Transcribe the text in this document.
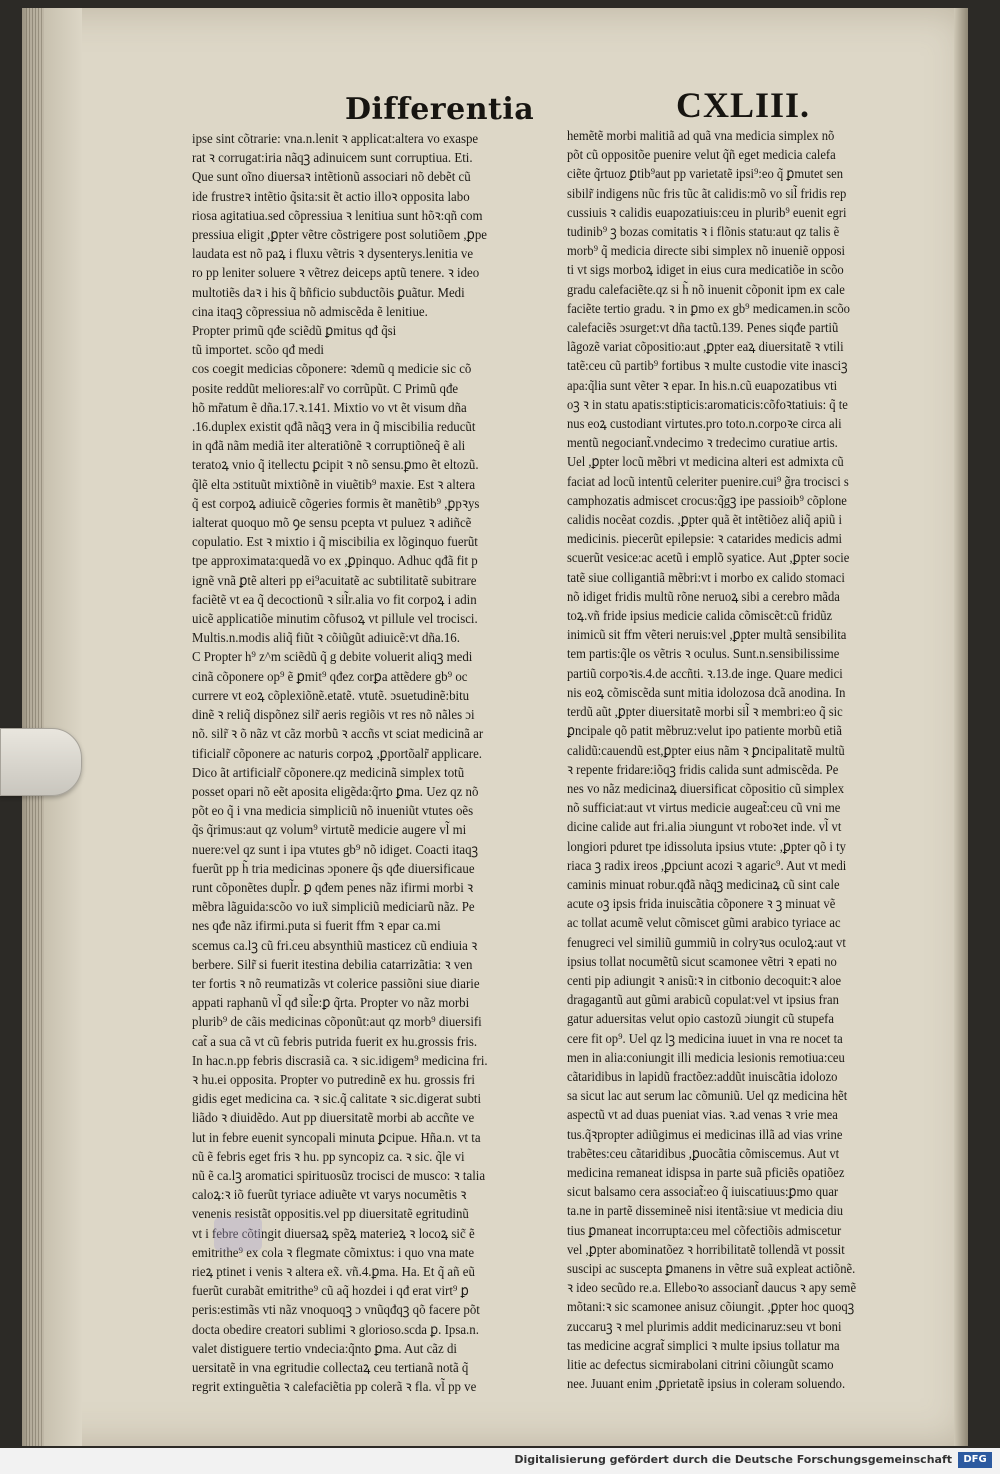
Differentia	CXLIII.
ipse sint cõtrarie: vna.n.lenit ꝛ applicat:altera vo exaspe
rat ꝛ corrugat:iria nãqꝫ adinuicem sunt corruptiua. Eti.
Que sunt oĩno diuersaꝛ intẽtionũ associari nõ debẽt cũ
ide frustreꝛ intẽtio q̃sita:sit ẽt actio illoꝛ opposita labo
riosa agitatiua.sed cõpressiua ꝛ lenitiua sunt hõꝛ:qñ com
pressiua eligit ,ꝑpter vẽtre cõstrigere post solutiõem ,ꝑpe
laudata est nõ paꝝ i fluxu vẽtris ꝛ dysenterys.lenitia ve
ro pp leniter soluere ꝛ vẽtrez deiceps aptũ tenere. ꝛ ideo
multotiẽs daꝛ i his q̃ bñficio subductõis ꝑuãtur. Medi
cina itaqꝫ cõpressiua nõ admiscẽda ẽ lenitiue.
Propter primũ qđe sciẽdũ ꝑmitus qđ q̃si
tũ importet. scõo qđ medi
cos coegit medicias cõponere: ꝛdemũ q medicie sic cõ
posite reddũt meliores:alr̃ vo corrũpũt. C Primũ qđe
hõ mr̃atum ẽ dña.17.ꝛ.141. Mixtio vo vt ẽt visum dña
.16.duplex existit qđã nãqꝫ vera in q̃ miscibilia reducũt
in qđã nãm mediã iter alteratiõnẽ ꝛ corruptiõneq̃ ẽ ali
teratoꝝ vnio q̃ itellectu ꝑcipit ꝛ nõ sensu.ꝑmo ẽt eltozũ.
q̃lẽ elta ɔstituũt mixtiõnẽ in viuẽtib⁹ maxie. Est ꝛ altera
q̃ est corpoꝝ adiuicẽ cõgeries formis ẽt manẽtib⁹ ,ꝑpꝛys
ialterat quoquo mõ ꝯe sensu pcepta vt puluez ꝛ adiñcẽ
copulatio. Est ꝛ mixtio i q̃ miscibilia ex lõginquo fuerũt
tpe approximata:quedã vo ex ,ꝑpinquo. Adhuc qđã fit p
ignẽ vnã ꝑtẽ alteri pp ei⁹acuitatẽ ac subtilitatẽ subitrare
faciẽtẽ vt ea q̃ decoctionũ ꝛ sil̃r.alia vo fit corpoꝝ i adin
uicẽ applicatiõe minutim cõfusoꝝ vt pillule vel trocisci.
Multis.n.modis aliq̃ fiũt ꝛ cõiũgũt adiuicẽ:vt dña.16.
C Propter h⁹ z^m sciẽdũ q̃ g debite voluerit aliqꝫ medi
cinã cõponere op⁹ ẽ ꝑmit⁹ qđez corꝑa attẽdere gb⁹ oc
currere vt eoꝝ cõplexiõnẽ.etatẽ. vtutẽ. ɔsuetudinẽ:bitu
dinẽ ꝛ reliq̃ dispõnez silr̃ aeris regiõis vt res nõ nãles ɔi
nõ. silr̃ ꝛ õ nãz vt cãz morbũ ꝛ accñs vt sciat medicinã ar
tificialr̃ cõponere ac naturis corpoꝝ ,ꝑportõalr̃ applicare.
Dico ãt artificialr̃ cõponere.qz medicinã simplex totũ
posset opari nõ eẽt aposita eligẽda:q̃rto ꝑma. Uez qz nõ
põt eo q̃ i vna medicia simpliciũ nõ inueniũt vtutes oẽs
q̃s q̃rimus:aut qz volum⁹ virtutẽ medicie augere vl̃ mi
nuere:vel qz sunt i ipa vtutes gb⁹ nõ idiget. Coacti itaqꝫ
fuerũt pp h̃ tria medicinas ɔponere q̃s qđe diuersificaue
runt cõponẽtes dupl̃r. ꝑ qđem penes nãz ifirmi morbi ꝛ
mẽbra lãguida:scõo vo iux̃ simpliciũ mediciarũ nãz. Pe
nes qđe nãz ifirmi.puta si fuerit ffm ꝛ epar ca.mi
scemus ca.lꝫ cũ fri.ceu absynthiũ masticez cũ endiuia ꝛ
berbere. Silr̃ si fuerit itestina debilia catarrizãtia: ꝛ ven
ter fortis ꝛ nõ reumatizãs vt colerice passiõni siue diarie
appati raphanũ vl̃ qđ sil̃e:ꝑ q̃rta. Propter vo nãz morbi
plurib⁹ de cãis medicinas cõponũt:aut qz morb⁹ diuersifi
cat̃ a sua cã vt cũ febris putrida fuerit ex hu.grossis fris.
In hac.n.pp febris discrasiã ca. ꝛ sic.idigem⁹ medicina fri.
ꝛ hu.ei opposita. Propter vo putredinẽ ex hu. grossis fri
gidis eget medicina ca. ꝛ sic.q̃ calitate ꝛ sic.digerat subti
liãdo ꝛ diuidẽdo. Aut pp diuersitatẽ morbi ab accñte ve
lut in febre euenit syncopali minuta ꝑcipue. Hña.n. vt ta
cũ ẽ febris eget fris ꝛ hu. pp syncopiz ca. ꝛ sic. q̃le vi
nũ ẽ ca.lꝫ aromatici spirituosũz trocisci de musco: ꝛ talia
caloꝝ:ꝛ iõ fuerũt tyriace adiuẽte vt varys nocumẽtis ꝛ
venenis resistãt oppositis.vel pp diuersitatẽ egritudinũ
vt i febre cõtingit diuersaꝝ spẽꝝ materieꝝ ꝛ locoꝝ sic̃ ẽ
emitrithe⁹ ex cola ꝛ flegmate cõmixtus: i quo vna mate
rieꝝ ptinet i venis ꝛ altera ex̃. vñ.4.ꝑma. Ha. Et q̃ añ eũ
fuerũt curabãt emitrithe⁹ cũ aq̃ hozdei i qđ erat virt⁹ ꝑ
peris:estimãs vti nãz vnoquoqꝫ ɔ vnũqđqꝫ qõ facere põt
docta obedire creatori sublimi ꝛ glorioso.scda ꝑ. Ipsa.n.
valet distiguere tertio vndecia:q̃nto ꝑma. Aut cãz di
uersitatẽ in vna egritudie collectaꝝ ceu tertianã notã q̃
regrit extinguẽtia ꝛ calefaciẽtia pp colerã ꝛ fla. vl̃ pp ve
hemẽtẽ morbi malitiã ad quã vna medicia simplex nõ
põt cũ oppositõe puenire velut q̃ñ eget medicia calefa
ciẽte q̃rtuoz ꝑtib⁹aut pp varietatẽ ipsi⁹:eo q̃ ꝑmutet sen
sibilr̃ indigens nũc fris tũc ãt calidis:mõ vo sil̃ fridis rep
cussiuis ꝛ calidis euapozatiuis:ceu in plurib⁹ euenit egri
tudinib⁹ ꝫ bozas comitatis ꝛ i flõnis statu:aut qz talis ẽ
morb⁹ q̃ medicia directe sibi simplex nõ inueniẽ opposi
ti vt sigs morboꝝ idiget in eius cura medicatiõe in scõo
gradu calefaciẽte.qz si h̃ nõ inuenit cõponit ipm ex cale
faciẽte tertio gradu. ꝛ in ꝑmo ex gb⁹ medicamen.in scõo
calefaciẽs ɔsurget:vt dña tactũ.139. Penes siqđe partiũ
lãgozẽ variat cõpositio:aut ,ꝑpter eaꝝ diuersitatẽ ꝛ vtili
tatẽ:ceu cũ partib⁹ fortibus ꝛ multe custodie vite inasciꝫ
apa:q̃lia sunt vẽter ꝛ epar. In his.n.cũ euapozatibus vti
oꝫ ꝛ in statu apatis:stipticis:aromaticis:cõfoꝛtatiuis: q̃ te
nus eoꝝ custodiant virtutes.pro toto.n.corpoꝛe circa ali
mentũ negociant̃.vndecimo ꝛ tredecimo curatiue artis.
Uel ,ꝑpter locũ mẽbri vt medicina alteri est admixta cũ
faciat ad locũ intentũ celeriter puenire.cui⁹ g̃ra trocisci s
camphozatis admiscet crocus:q̃gꝫ ipe passioib⁹ cõplone
calidis nocẽat cozdis. ,ꝑpter quã ẽt intẽtiõez aliq̃ apiũ i
medicinis. piecerũt epilepsie: ꝛ catarides medicis admi
scuerũt vesice:ac acetũ i emplõ syatice. Aut ,ꝑpter socie
tatẽ siue colligantiã mẽbri:vt i morbo ex calido stomaci
nõ idiget fridis multũ rõne neruoꝝ sibi a cerebro mãda
toꝝ.vñ fride ipsius medicie calida cõmiscẽt:cũ fridũz
inimicũ sit ffm vẽteri neruis:vel ,ꝑpter multã sensibilita
tem partis:q̃le os vẽtris ꝛ oculus. Sunt.n.sensibilissime
partiũ corpoꝛis.4.de accñti. ꝛ.13.de inge. Quare medici
nis eoꝝ cõmiscẽda sunt mitia idolozosa dcã anodina. In
terdũ aũt ,ꝑpter diuersitatẽ morbi sil̃ ꝛ membri:eo q̃ sic
ꝑncipale qõ patit mẽbruz:velut ipo patiente morbũ etiã
calidũ:cauendũ est,ꝑpter eius nãm ꝛ ꝑncipalitatẽ multũ
ꝛ repente fridare:iõqꝫ fridis calida sunt admiscẽda. Pe
nes vo nãz medicinaꝝ diuersificat cõpositio cũ simplex
nõ sufficiat:aut vt virtus medicie augeat̃:ceu cũ vni me
dicine calide aut fri.alia ɔiungunt vt roboꝛet inde. vl̃ vt
longiori pduret tpe idissoluta ipsius vtute: ,ꝑpter qõ i ty
riaca ꝫ radix ireos ,ꝑpciunt acozi ꝛ agaric⁹. Aut vt medi
caminis minuat robur.qđã nãqꝫ medicinaꝝ cũ sint cale
acute oꝫ ipsis frida inuiscãtia cõponere ꝛ ꝫ minuat vẽ
ac tollat acumẽ velut cõmiscet gũmi arabico tyriace ac
fenugreci vel similiũ gummiũ in colryꝛus oculoꝝ:aut vt
ipsius tollat nocumẽtũ sicut scamonee vẽtri ꝛ epati no
centi pip adiungit ꝛ anisũ:ꝛ in citbonio decoquit:ꝛ aloe
dragagantũ aut gũmi arabicũ copulat:vel vt ipsius fran
gatur aduersitas velut opio castozũ ɔiungit cũ stupefa
cere fit op⁹. Uel qz lꝫ medicina iuuet in vna re nocet ta
men in alia:coniungit illi medicia lesionis remotiua:ceu
cãtaridibus in lapidũ fractõez:addũt inuiscãtia idolozo
sa sicut lac aut serum lac cõmuniũ. Uel qz medicina hẽt
aspectũ vt ad duas pueniat vias. ꝛ.ad venas ꝛ vrie mea
tus.q̃ꝛpropter adiũgimus ei medicinas illã ad vias vrine
trabẽtes:ceu cãtaridibus ,ꝑuocãtia cõmiscemus. Aut vt
medicina remaneat idispsa in parte suã pficiẽs opatiõez
sicut balsamo cera associat̃:eo q̃ iuiscatiuus:ꝑmo quar
ta.ne in partẽ dissemineẽ nisi itentã:siue vt medicia diu
tius ꝑmaneat incorrupta:ceu mel cõfectiõis admiscetur
vel ,ꝑpter abominatõez ꝛ horribilitatẽ tollendã vt possit
suscipi ac suscepta ꝑmanens in vẽtre suã expleat actiõnẽ.
ꝛ ideo secũdo re.a. Elleboꝛo associant̃ daucus ꝛ apy semẽ
mõtani:ꝛ sic scamonee anisuz cõiungit. ,ꝑpter hoc quoqꝫ
zuccaruꝫ ꝛ mel plurimis addit medicinaruz:seu vt boni
tas medicine acgrat̃ simplici ꝛ multe ipsius tollatur ma
litie ac defectus sicmirabolani citrini cõiungũt scamo
nee. Juuant enim ,ꝑprietatẽ ipsius in coleram soluendo.
Digitalisierung gefördert durch die Deutsche Forschungsgemeinschaft	DFG
